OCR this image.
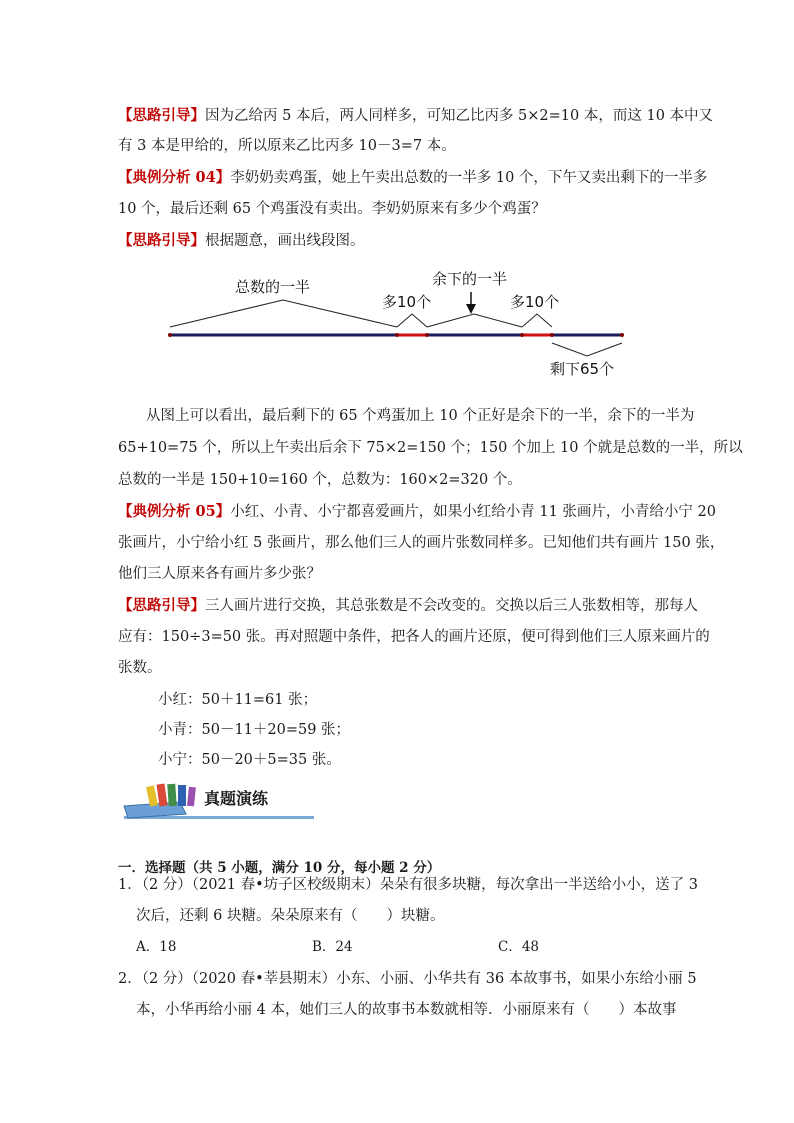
【思路引导】因为乙给丙 5 本后，两人同样多，可知乙比丙多 5×2=10 本，而这 10 本中又

有 3 本是甲给的，所以原来乙比丙多 10－3=7 本。

【典例分析 04】李奶奶卖鸡蛋，她上午卖出总数的一半多 10 个，下午又卖出剩下的一半多

10 个，最后还剩 65 个鸡蛋没有卖出。李奶奶原来有多少个鸡蛋？

【思路引导】根据题意，画出线段图。

总数的一半	余下的一半
多10个	多10个
剩下65个

从图上可以看出，最后剩下的 65 个鸡蛋加上 10 个正好是余下的一半，余下的一半为

65+10=75 个，所以上午卖出后余下 75×2=150 个；150 个加上 10 个就是总数的一半，所以

总数的一半是 150+10=160 个，总数为：160×2=320 个。

【典例分析 05】小红、小青、小宁都喜爱画片，如果小红给小青 11 张画片，小青给小宁 20

张画片，小宁给小红 5 张画片，那么他们三人的画片张数同样多。已知他们共有画片 150 张，

他们三人原来各有画片多少张？

【思路引导】三人画片进行交换，其总张数是不会改变的。交换以后三人张数相等，那每人

应有：150÷3=50 张。再对照题中条件，把各人的画片还原，便可得到他们三人原来画片的

张数。

小红：50＋11=61 张；

小青：50－11＋20=59 张；

小宁：50－20＋5=35 张。

真题演练

一．选择题（共 5 小题，满分 10 分，每小题 2 分）

1．（2 分）（2021 春•坊子区校级期末）朵朵有很多块糖，每次拿出一半送给小小，送了 3

次后，还剩 6 块糖。朵朵原来有（　　）块糖。

A．18	B．24	C．48

2．（2 分）（2020 春•莘县期末）小东、小丽、小华共有 36 本故事书，如果小东给小丽 5

本，小华再给小丽 4 本，她们三人的故事书本数就相等．小丽原来有（　　）本故事
